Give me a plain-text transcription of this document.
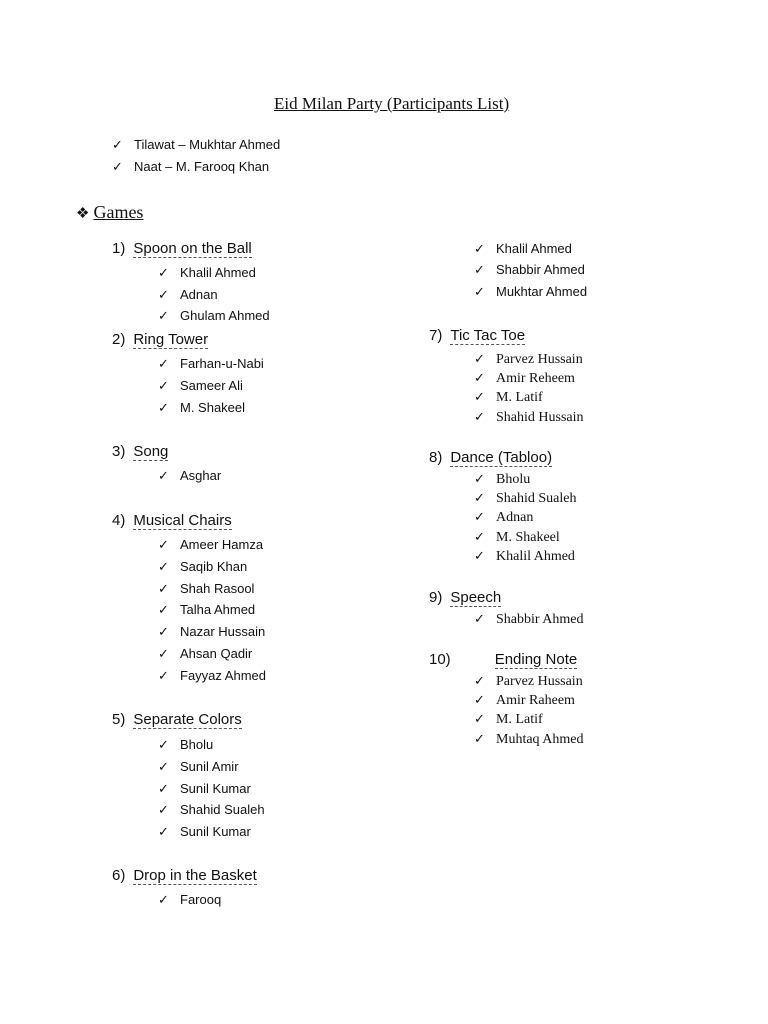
Eid Milan Party (Participants List)
✓ Tilawat – Mukhtar Ahmed
✓ Naat – M. Farooq Khan
❖ Games
1) Spoon on the Ball
✓ Khalil Ahmed
✓ Adnan
✓ Ghulam Ahmed
2) Ring Tower
✓ Farhan-u-Nabi
✓ Sameer Ali
✓ M. Shakeel
3) Song
✓ Asghar
4) Musical Chairs
✓ Ameer Hamza
✓ Saqib Khan
✓ Shah Rasool
✓ Talha Ahmed
✓ Nazar Hussain
✓ Ahsan Qadir
✓ Fayyaz Ahmed
5) Separate Colors
✓ Bholu
✓ Sunil Amir
✓ Sunil Kumar
✓ Shahid Sualeh
✓ Sunil Kumar
6) Drop in the Basket
✓ Farooq
✓ Khalil Ahmed
✓ Shabbir Ahmed
✓ Mukhtar Ahmed
7) Tic Tac Toe
✓ Parvez Hussain
✓ Amir Reheem
✓ M. Latif
✓ Shahid Hussain
8) Dance (Tabloo)
✓ Bholu
✓ Shahid Sualeh
✓ Adnan
✓ M. Shakeel
✓ Khalil Ahmed
9) Speech
✓ Shabbir Ahmed
10)	Ending Note
✓ Parvez Hussain
✓ Amir Raheem
✓ M. Latif
✓ Muhtaq Ahmed
